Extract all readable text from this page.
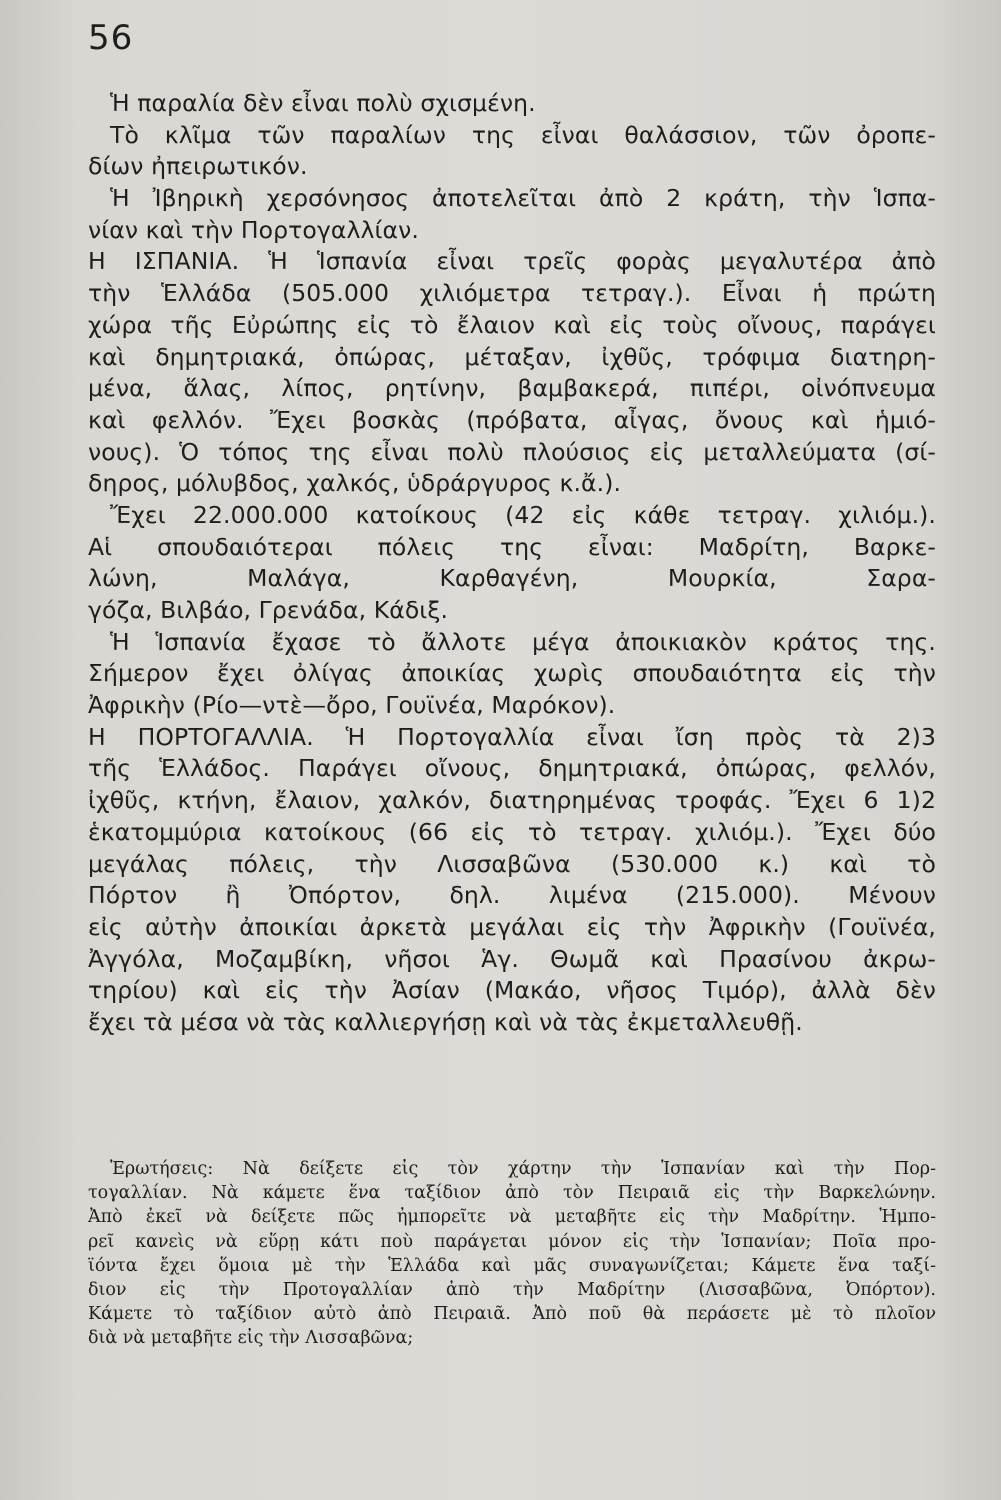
56
Ἡ παραλία δὲν εἶναι πολὺ σχισμένη.
Τὸ κλῖμα τῶν παραλίων της εἶναι θαλάσσιον, τῶν ὀροπε-
δίων ἠπειρωτικόν.
Ἡ Ἰβηρικὴ χερσόνησος ἀποτελεῖται ἀπὸ 2 κράτη, τὴν Ἱσπα-
νίαν καὶ τὴν Πορτογαλλίαν.
Η ΙΣΠΑΝΙΑ. Ἡ Ἱσπανία εἶναι τρεῖς φορὰς μεγαλυτέρα ἀπὸ
τὴν Ἑλλάδα (505.000 χιλιόμετρα τετραγ.). Εἶναι ἡ πρώτη
χώρα τῆς Εὐρώπης εἰς τὸ ἔλαιον καὶ εἰς τοὺς οἴνους, παράγει
καὶ δημητριακά, ὀπώρας, μέταξαν, ἰχθῦς, τρόφιμα διατηρη-
μένα, ἅλας, λίπος, ρητίνην, βαμβακερά, πιπέρι, οἰνόπνευμα
καὶ φελλόν. Ἔχει βοσκὰς (πρόβατα, αἶγας, ὄνους καὶ ἡμιό-
νους). Ὁ τόπος της εἶναι πολὺ πλούσιος εἰς μεταλλεύματα (σί-
δηρος, μόλυβδος, χαλκός, ὑδράργυρος κ.ἄ.).
Ἔχει 22.000.000 κατοίκους (42 εἰς κάθε τετραγ. χιλιόμ.).
Αἱ σπουδαιότεραι πόλεις της εἶναι: Μαδρίτη, Βαρκε-
λώνη, Μαλάγα, Καρθαγένη, Μουρκία, Σαρα-
γόζα, Βιλβάο, Γρενάδα, Κάδιξ.
Ἡ Ἱσπανία ἔχασε τὸ ἄλλοτε μέγα ἀποικιακὸν κράτος της.
Σήμερον ἔχει ὀλίγας ἀποικίας χωρὶς σπουδαιότητα εἰς τὴν
Ἀφρικὴν (Ρίο—ντὲ—ὄρο, Γουϊνέα, Μαρόκον).
Η ΠΟΡΤΟΓΑΛΛΙΑ. Ἡ Πορτογαλλία εἶναι ἴση πρὸς τὰ 2)3
τῆς Ἑλλάδος. Παράγει οἴνους, δημητριακά, ὀπώρας, φελλόν,
ἰχθῦς, κτήνη, ἔλαιον, χαλκόν, διατηρημένας τροφάς. Ἔχει 6 1)2
ἑκατομμύρια κατοίκους (66 εἰς τὸ τετραγ. χιλιόμ.). Ἔχει δύο
μεγάλας πόλεις, τὴν Λισσαβῶνα (530.000 κ.) καὶ τὸ
Πόρτον ἢ Ὀπόρτον, δηλ. λιμένα (215.000). Μένουν
εἰς αὐτὴν ἀποικίαι ἀρκετὰ μεγάλαι εἰς τὴν Ἀφρικὴν (Γουϊνέα,
Ἀγγόλα, Μοζαμβίκη, νῆσοι Ἁγ. Θωμᾶ καὶ Πρασίνου ἀκρω-
τηρίου) καὶ εἰς τὴν Ἀσίαν (Μακάο, νῆσος Τιμόρ), ἀλλὰ δὲν
ἔχει τὰ μέσα νὰ τὰς καλλιεργήσῃ καὶ νὰ τὰς ἐκμεταλλευθῇ.
Ἐρωτήσεις: Νὰ δείξετε εἰς τὸν χάρτην τὴν Ἱσπανίαν καὶ τὴν Πορ-
τογαλλίαν. Νὰ κάμετε ἕνα ταξίδιον ἀπὸ τὸν Πειραιᾶ εἰς τὴν Βαρκελώνην.
Ἀπὸ ἐκεῖ νὰ δείξετε πῶς ἠμπορεῖτε νὰ μεταβῆτε εἰς τὴν Μαδρίτην. Ἠμπο-
ρεῖ κανεὶς νὰ εὕρῃ κάτι ποὺ παράγεται μόνον εἰς τὴν Ἱσπανίαν; Ποῖα προ-
ϊόντα ἔχει ὅμοια μὲ τὴν Ἑλλάδα καὶ μᾶς συναγωνίζεται; Κάμετε ἕνα ταξί-
διον εἰς τὴν Προτογαλλίαν ἀπὸ τὴν Μαδρίτην (Λισσαβῶνα, Ὀπόρτον).
Κάμετε τὸ ταξίδιον αὐτὸ ἀπὸ Πειραιᾶ. Ἀπὸ ποῦ θὰ περάσετε μὲ τὸ πλοῖον
διὰ νὰ μεταβῆτε εἰς τὴν Λισσαβῶνα;
